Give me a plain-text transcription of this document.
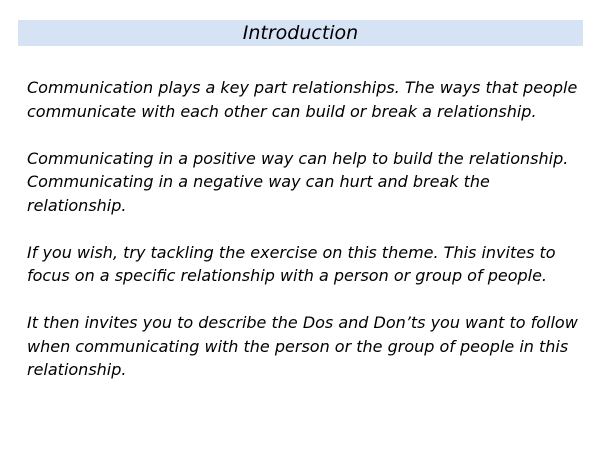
Introduction

Communication plays a key part relationships. The ways that people communicate with each other can build or break a relationship.

Communicating in a positive way can help to build the relationship. Communicating in a negative way can hurt and break the relationship.

If you wish, try tackling the exercise on this theme. This invites to focus on a specific relationship with a person or group of people.

It then invites you to describe the Dos and Don’ts you want to follow when communicating with the person or the group of people in this relationship.
